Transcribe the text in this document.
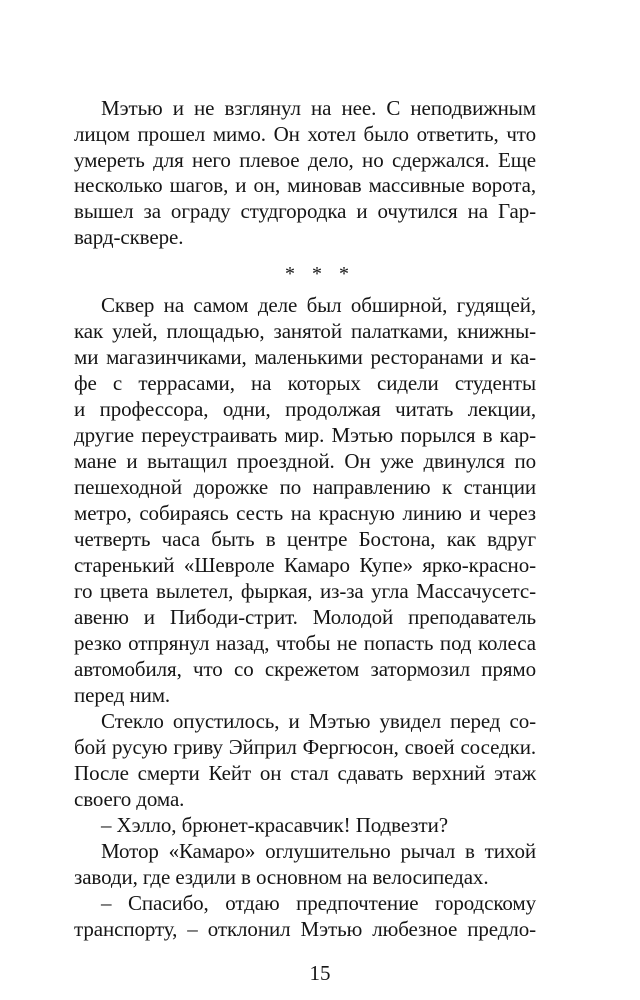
Мэтью и не взглянул на нее. С неподвижным
лицом прошел мимо. Он хотел было ответить, что
умереть для него плевое дело, но сдержался. Еще
несколько шагов, и он, миновав массивные ворота,
вышел за ограду студгородка и очутился на Гар-
вард-сквере.
* * *
Сквер на самом деле был обширной, гудящей,
как улей, площадью, занятой палатками, книжны-
ми магазинчиками, маленькими ресторанами и ка-
фе с террасами, на которых сидели студенты
и профессора, одни, продолжая читать лекции,
другие переустраивать мир. Мэтью порылся в кар-
мане и вытащил проездной. Он уже двинулся по
пешеходной дорожке по направлению к станции
метро, собираясь сесть на красную линию и через
четверть часа быть в центре Бостона, как вдруг
старенький «Шевроле Камаро Купе» ярко-красно-
го цвета вылетел, фыркая, из-за угла Массачусетс-
авеню и Пибоди-стрит. Молодой преподаватель
резко отпрянул назад, чтобы не попасть под колеса
автомобиля, что со скрежетом затормозил прямо
перед ним.
Стекло опустилось, и Мэтью увидел перед со-
бой русую гриву Эйприл Фергюсон, своей соседки.
После смерти Кейт он стал сдавать верхний этаж
своего дома.
– Хэлло, брюнет-красавчик! Подвезти?
Мотор «Камаро» оглушительно рычал в тихой
заводи, где ездили в основном на велосипедах.
– Спасибо, отдаю предпочтение городскому
транспорту, – отклонил Мэтью любезное предло-
15
